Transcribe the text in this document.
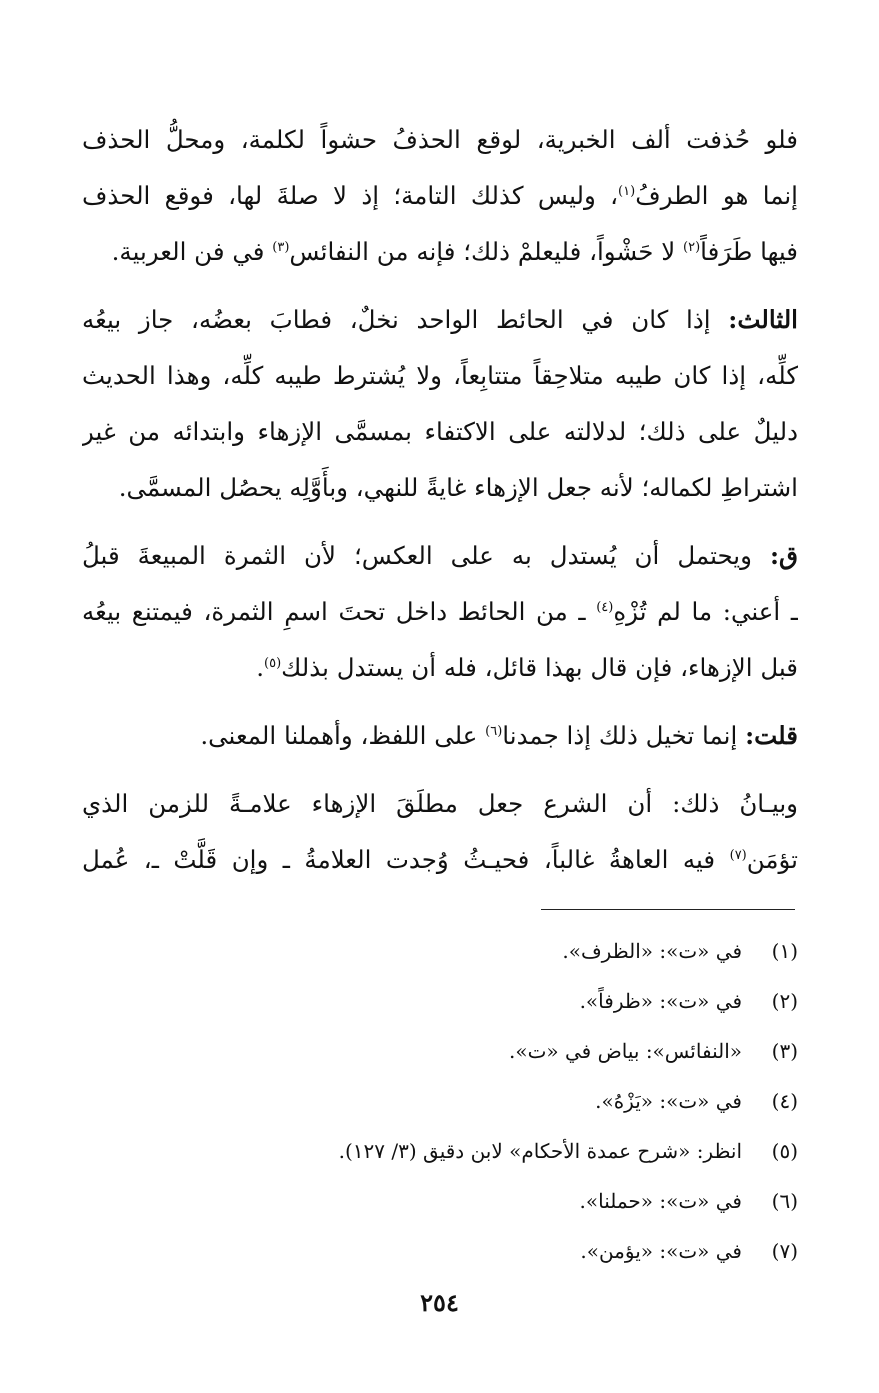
فلو حُذفت ألف الخبرية، لوقع الحذفُ حشواً لكلمة، ومحلُّ الحذف
إنما هو الطرفُ$^{(١)}$، وليس كذلك التامة؛ إذ لا صلةَ لها، فوقع الحذف
فيها طَرَفاً$^{(٢)}$ لا حَشْواً، فليعلمْ ذلك؛ فإنه من النفائس$^{(٣)}$ في فن العربية.
الثالث: إذا كان في الحائط الواحد نخلٌ، فطابَ بعضُه، جاز بيعُه
كلِّه، إذا كان طيبه متلاحِقاً متتابِعاً، ولا يُشترط طيبه كلِّه، وهذا الحديث
دليلٌ على ذلك؛ لدلالته على الاكتفاء بمسمَّى الإزهاء وابتدائه من غير
اشتراطِ لكماله؛ لأنه جعل الإزهاء غايةً للنهي، وبأَوَّلِه يحصُل المسمَّى.
ق: ويحتمل أن يُستدل به على العكس؛ لأن الثمرة المبيعةَ قبلُ
ـ أعني: ما لم تُزْهِ$^{(٤)}$ ـ من الحائط داخل تحتَ اسمِ الثمرة، فيمتنع بيعُه
قبل الإزهاء، فإن قال بهذا قائل، فله أن يستدل بذلك$^{(٥)}$.
قلت: إنما تخيل ذلك إذا جمدنا$^{(٦)}$ على اللفظ، وأهملنا المعنى.
وبيـانُ ذلك: أن الشرع جعل مطلَقَ الإزهاء علامـةً للزمن الذي
تؤمَن$^{(٧)}$ فيه العاهةُ غالباً، فحيـثُ وُجدت العلامةُ ـ وإن قَلَّتْ ـ، عُمل
(١)
في «ت»: «الظرف».
(٢)
في «ت»: «ظرفاً».
(٣)
«النفائس»: بياض في «ت».
(٤)
في «ت»: «يَزْهُ».
(٥)
انظر: «شرح عمدة الأحكام» لابن دقيق (٣/ ١٢٧).
(٦)
في «ت»: «حملنا».
(٧)
في «ت»: «يؤمن».
٢٥٤
